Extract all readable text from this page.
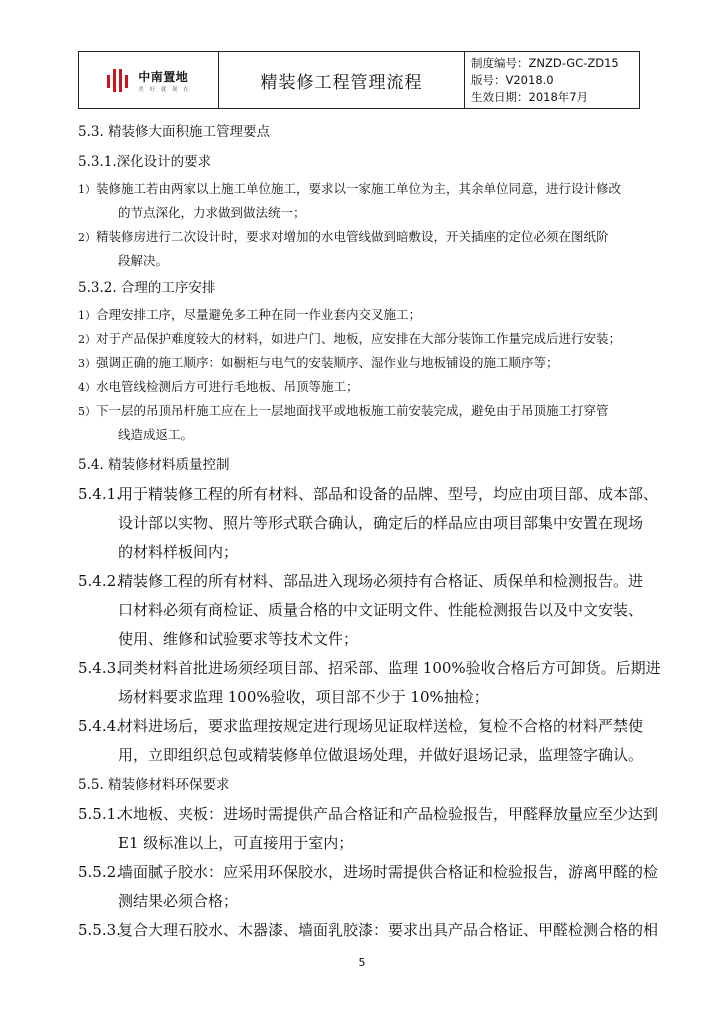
中南置地
美 好 就 现 在	精装修工程管理流程
制度编号：ZNZD-GC-ZD15
版号：V2018.0
生效日期：2018年7月
5.3. 精装修大面积施工管理要点
5.3.1.深化设计的要求
1）装修施工若由两家以上施工单位施工，要求以一家施工单位为主，其余单位同意，进行设计修改
的节点深化，力求做到做法统一；
2）精装修房进行二次设计时，要求对增加的水电管线做到暗敷设，开关插座的定位必须在图纸阶
段解决。
5.3.2. 合理的工序安排
1）合理安排工序，尽量避免多工种在同一作业套内交叉施工；
2）对于产品保护难度较大的材料，如进户门、地板，应安排在大部分装饰工作量完成后进行安装；
3）强调正确的施工顺序：如橱柜与电气的安装顺序、湿作业与地板铺设的施工顺序等；
4）水电管线检测后方可进行毛地板、吊顶等施工；
5）下一层的吊顶吊杆施工应在上一层地面找平或地板施工前安装完成，避免由于吊顶施工打穿管
线造成返工。
5.4. 精装修材料质量控制
5.4.1.用于精装修工程的所有材料、部品和设备的品牌、型号，均应由项目部、成本部、
设计部以实物、照片等形式联合确认，确定后的样品应由项目部集中安置在现场
的材料样板间内；
5.4.2.精装修工程的所有材料、部品进入现场必须持有合格证、质保单和检测报告。进
口材料必须有商检证、质量合格的中文证明文件、性能检测报告以及中文安装、
使用、维修和试验要求等技术文件；
5.4.3.同类材料首批进场须经项目部、招采部、监理 100%验收合格后方可卸货。后期进
场材料要求监理 100%验收，项目部不少于 10%抽检；
5.4.4.材料进场后，要求监理按规定进行现场见证取样送检，复检不合格的材料严禁使
用，立即组织总包或精装修单位做退场处理，并做好退场记录，监理签字确认。
5.5. 精装修材料环保要求
5.5.1.木地板、夹板：进场时需提供产品合格证和产品检验报告，甲醛释放量应至少达到
E1 级标准以上，可直接用于室内；
5.5.2.墙面腻子胶水：应采用环保胶水，进场时需提供合格证和检验报告，游离甲醛的检
测结果必须合格；
5.5.3.复合大理石胶水、木器漆、墙面乳胶漆：要求出具产品合格证、甲醛检测合格的相
5
